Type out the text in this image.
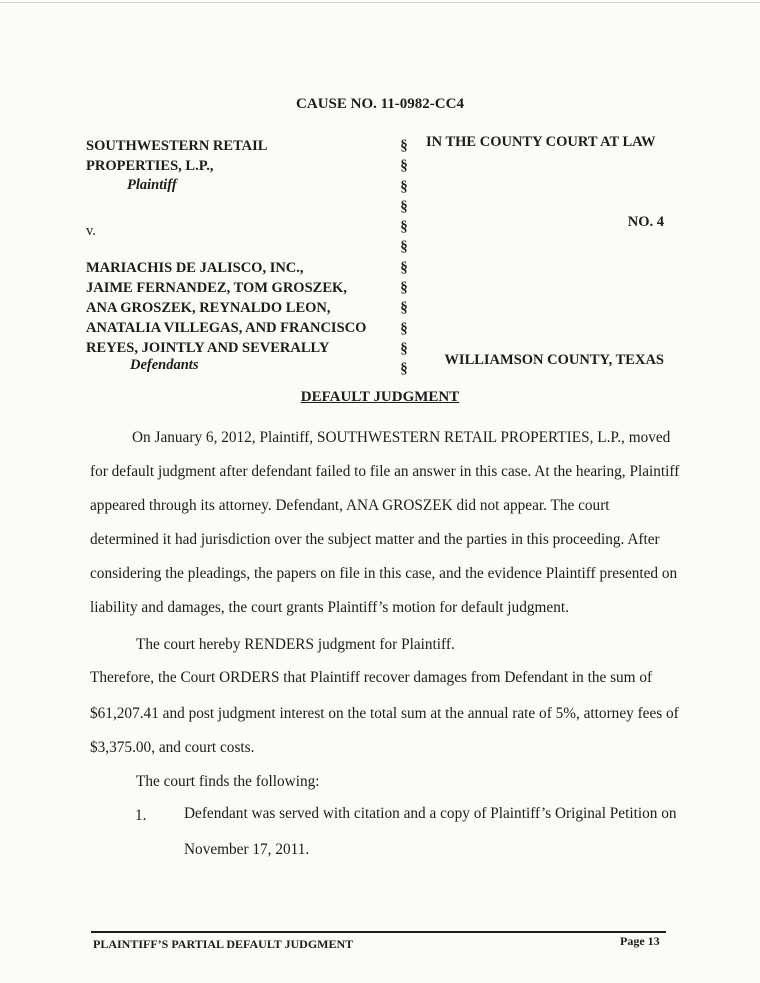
CAUSE NO. 11-0982-CC4
SOUTHWESTERN RETAIL
PROPERTIES, L.P.,
Plaintiff
v.
MARIACHIS DE JALISCO, INC.,
JAIME FERNANDEZ, TOM GROSZEK,
ANA GROSZEK, REYNALDO LEON,
ANATALIA VILLEGAS, AND FRANCISCO
REYES, JOINTLY AND SEVERALLY
Defendants
§
§
§
§
§
§
§
§
§
§
§
§
IN THE COUNTY COURT AT LAW
NO. 4
WILLIAMSON COUNTY, TEXAS
DEFAULT JUDGMENT
On January 6, 2012, Plaintiff, SOUTHWESTERN RETAIL PROPERTIES, L.P., moved
for default judgment after defendant failed to file an answer in this case. At the hearing, Plaintiff
appeared through its attorney. Defendant, ANA GROSZEK did not appear. The court
determined it had jurisdiction over the subject matter and the parties in this proceeding. After
considering the pleadings, the papers on file in this case, and the evidence Plaintiff presented on
liability and damages, the court grants Plaintiff’s motion for default judgment.
The court hereby RENDERS judgment for Plaintiff.
Therefore, the Court ORDERS that Plaintiff recover damages from Defendant in the sum of
$61,207.41 and post judgment interest on the total sum at the annual rate of 5%, attorney fees of
$3,375.00, and court costs.
The court finds the following:
1. Defendant was served with citation and a copy of Plaintiff’s Original Petition on
November 17, 2011.
PLAINTIFF’S PARTIAL DEFAULT JUDGMENT	Page 13
